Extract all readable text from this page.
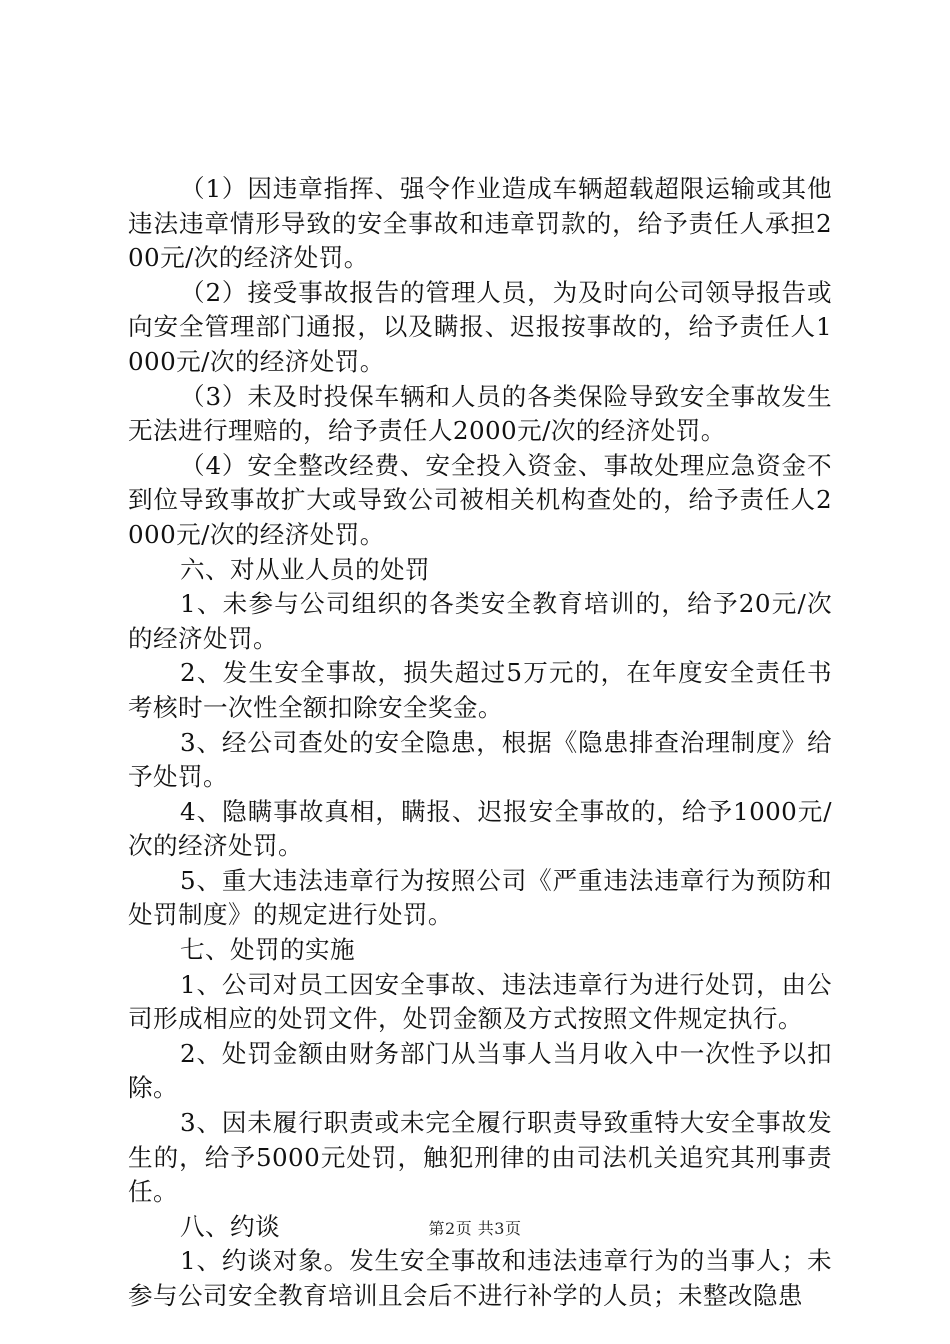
（1）因违章指挥、强令作业造成车辆超载超限运输或其他违法违章情形导致的安全事故和违章罚款的，给予责任人承担200元/次的经济处罚。

（2）接受事故报告的管理人员，为及时向公司领导报告或向安全管理部门通报，以及瞒报、迟报按事故的，给予责任人1000元/次的经济处罚。

（3）未及时投保车辆和人员的各类保险导致安全事故发生无法进行理赔的，给予责任人2000元/次的经济处罚。

（4）安全整改经费、安全投入资金、事故处理应急资金不到位导致事故扩大或导致公司被相关机构查处的，给予责任人2000元/次的经济处罚。

六、对从业人员的处罚

1、未参与公司组织的各类安全教育培训的，给予20元/次的经济处罚。

2、发生安全事故，损失超过5万元的，在年度安全责任书考核时一次性全额扣除安全奖金。

3、经公司查处的安全隐患，根据《隐患排查治理制度》给予处罚。

4、隐瞒事故真相，瞒报、迟报安全事故的，给予1000元/次的经济处罚。

5、重大违法违章行为按照公司《严重违法违章行为预防和处罚制度》的规定进行处罚。

七、处罚的实施

1、公司对员工因安全事故、违法违章行为进行处罚，由公司形成相应的处罚文件，处罚金额及方式按照文件规定执行。

2、处罚金额由财务部门从当事人当月收入中一次性予以扣除。

3、因未履行职责或未完全履行职责导致重特大安全事故发生的，给予5000元处罚，触犯刑律的由司法机关追究其刑事责任。

八、约谈

1、约谈对象。发生安全事故和违法违章行为的当事人；未参与公司安全教育培训且会后不进行补学的人员；未整改隐患

第2页 共3页
